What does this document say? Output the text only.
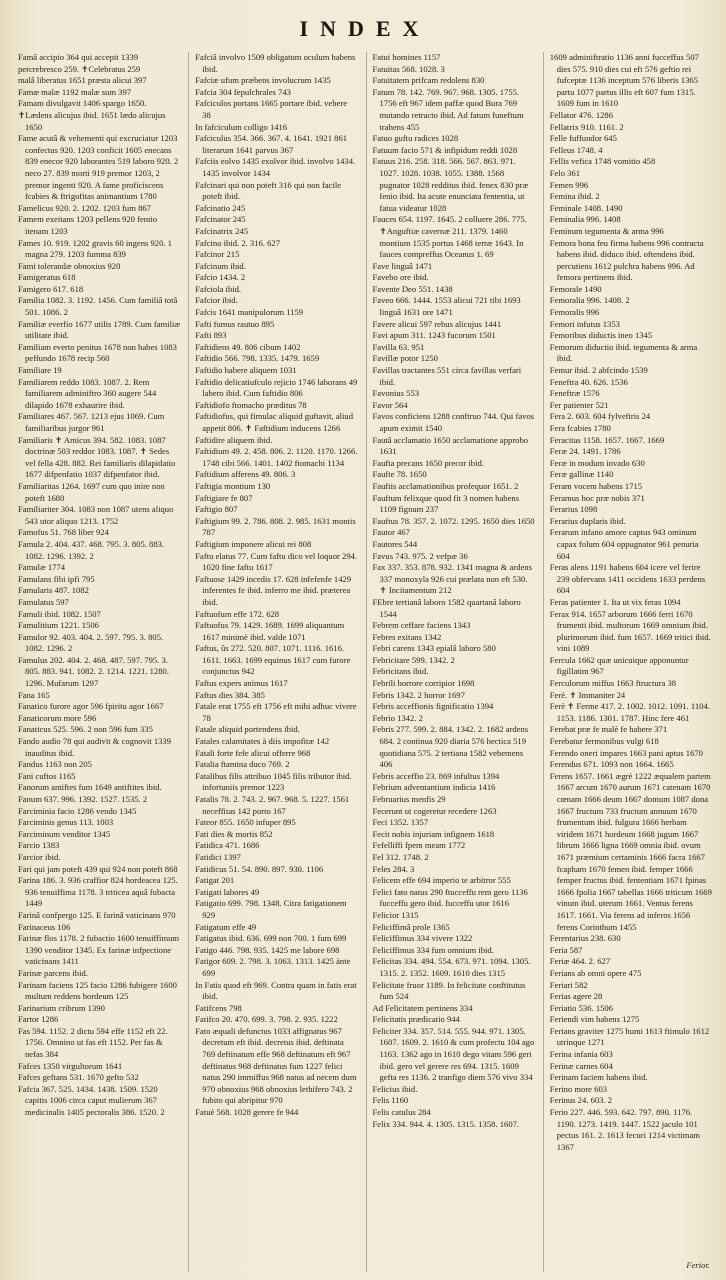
INDEX

Famâ accipio 364 qui accepit 1339

percrebresco 259. ✝Celebratus 259

malâ liberatus 1651 præsta alicui 397

Famæ malæ 1192 malæ sum 397

Famam divulgavit 1406 spargo 1650.

✝Lædens alicujus ibid. 1651 lædo alicujus 1650

Fame acutâ & vehementi qui excruciatur 1203 confectus 920. 1203 conficit 1605 enecans 839 enecor 920 laborantes 519 laboro 920. 2 neco 27. 839 morti 919 premor 1203, 2 premor ingenti 920. A fame proficiscens fcabies & ftrigofitas animantium 1780

Famelicus 920. 2. 1202. 1203 fum 867

Famem exeitans 1203 pellens 920 fentio itenam 1203

Fames 10. 919. 1202 gravis 60 ingens 920. 1 magna 279. 1203 fumma 839

Fami tolerandæ obnoxius 920

Famigeratus 618

Famigero 617. 618

Familia 1082. 3. 1192. 1456. Cum familiâ totâ 501. 1086. 2

Familiæ everfio 1677 utilis 1789. Cum familiæ utilitate ibid.

Familiam everto penitus 1678 non habes 1083 peffundo 1678 recip 560

Familiare 19

Familiarem reddo 1083. 1087. 2. Rem familiarem adminiftro 360 augere 544 dilapido 1678 exhaurire ibid.

Familiares 467. 567. 1213 ejus 1069. Cum familiaribus jurgor 961

Familiaris ✝ Amicus 394. 582. 1083. 1087 doctrinæ 503 reddor 1083. 1087. ✝ Sedes vel fella 428. 882. Rei familiaris dilapidatio 1677 difpenfatio 1037 difpenfator ibid.

Familiaritas 1264. 1697 cum quo inire non poteft 1680

Familiariter 304. 1083 non 1087 utens aliquo 543 utor aliquo 1213. 1752

Famofus 51. 768 liber 924

Famula 2. 404. 437. 468. 795. 3. 805. 883. 1082. 1296. 1392. 2

Famulæ 1774

Famulans fibi ipfi 795

Famularis 487. 1082

Famulatus 597

Famuli ibid. 1082. 1507

Famulitium 1221. 1506

Famulor 92. 403. 404. 2. 597. 795. 3. 805. 1082. 1296. 2

Famulus 202. 404. 2. 468. 487. 597. 795. 3. 805. 883. 941. 1082. 2. 1214. 1221. 1280. 1296. Mufarum 1297

Fana 165

Fanatico furore agor 596 fpiritu agor 1667

Fanaticorum more 596

Fanaticus 525. 596. 2 non 596 fum 335

Fando audio 78 qui audivit & cognovit 1339 inauditus ibid.

Fandus 1163 non 205

Fani cuftos 1165

Fanorum antiftes fum 1649 antiftites ibid.

Fanum 637. 996. 1392. 1527. 1535. 2

Farciminia facio 1286 vendo 1345

Farciminis genus 113. 1003

Farciminum venditor 1345

Farcio 1383

Farcior ibid.

Fari qui jam poteft 439 qui 924 non poteft 868

Farina 186. 3. 936 craffior 824 hordeacea 125. 936 tenuiffima 1178. 3 triticea aquâ fubacta 1449

Farinâ confpergo 125. E farinâ vaticinans 970

Farinaceus 106

Farinæ flos 1178. 2 fubactio 1600 tenuiffimum 1390 venditor 1345. Ex farinæ infpectione vaticinans 1411

Farinæ parcens ibid.

Farinam faciens 125 facio 1286 fubigere 1600 multum reddens hordeum 125

Farinarium cribrum 1390

Fartor 1286

Fas 594. 1152. 2 dictu 594 effe 1152 eft 22. 1756. Omnino ut fas eft 1152. Per fas & nefas 384

Fafces 1350 virgultorum 1641

Fafces geftans 531. 1670 gefto 532

Fafcia 367. 525. 1434. 1438. 1509. 1520 capitis 1006 circa caput mulierum 367 medicinalis 1405 pectoralis 386. 1520. 2

Fafciâ involvo 1509 obligatum oculum habens ibid.

Fafciæ ufum præbens involucrum 1435

Fafcia 304 fepulchrales 743

Fafciculos portans 1665 portare ibid. vehere 38

In fafciculum colligo 1416

Fafciculus 354. 366. 367. 4. 1641. 1921 861 literarum 1641 parvus 367

Fafciis eolvo 1435 exolvor ibid. involvo 1434. 1435 involvor 1434

Fafcinari qui non poteft 316 qui non facile poteft ibid.

Fafcinatio 245

Fafcinator 245

Fafcinatrix 245

Fafcino ibid. 2. 316. 627

Fafcinor 215

Fafcinum ibid.

Fafcio 1434. 2

Fafciola ibid.

Fafcior ibid.

Fafcis 1641 manipulorum 1159

Fafti fumus rautuo 895

Fafti 893

Faftidiens 49. 806 cibum 1402

Faftidio 566. 798. 1335. 1479. 1659

Faftidio habere aliquem 1031

Faftidio delicatiufculo rejicio 1746 laborans 49 labero ibid. Cum faftidio 806

Faftidiofo ftomacho præditus 78

Faftidiofus, qui fimulac aliquid guftavit, aliud appetit 806. ✝ Faftidium inducens 1266

Faftidire aliquem ibid.

Faftidium 49. 2. 458. 806. 2. 1120. 1170. 1266. 1748 cibi 566. 1401. 1402 ftomachi 1134

Faftidium afferens 49. 806. 3

Faftigia montium 130

Faftigiare fe 807

Faftigio 807

Faftigium 99. 2. 786. 808. 2. 985. 1631 montis 787

Faftigium imponere alicui rei 808

Faftu elatus 77. Cum faftu dico vel loquor 294. 1020 fine faftu 1617

Faftuose 1429 incedis 17. 628 infefenfe 1429 inferentes fe ibid. inferro me ibid. præterea ibid.

Faftuofum effe 172. 628

Faftuofus 79. 1429. 1689. 1699 aliquantum 1617 minimè ibid. valde 1071

Faftus, ûs 272. 520. 807. 1071. 1116. 1616. 1611. 1663. 1699 equinus 1617 cum furore conjunctus 942

Faftus expers animus 1617

Faftus dies 384. 385

Fatale erat 1755 eft 1756 eft mihi adhuc vivere 78

Fatale aliquid portendens ibid.

Fatales calamitates à diis impofitæ 142

Fatali forte fefe alicui offerre 968

Fatalia ftamina duco 769. 2

Fatalibus filis attribuo 1045 filis tributor ibid. infortuniis premor 1223

Fatalis 78. 2. 743. 2. 967. 968. 5. 1227. 1561 neceffitas 142 porto 167

Fateor 855. 1650 infuper 895

Fati dies & mortis 852

Fatidica 471. 1686

Fatidici 1397

Fatidicus 51. 54. 890. 897. 930. 1106

Fatigat 201

Fatigati labores 49

Fatigatio 699. 798. 1348. Citra fatigationem 929

Fatigatum effe 49

Fatigatus ibid. 636. 699 non 700. 1 fum 699

Fatigo 446. 798. 935. 1425 me labore 698

Fatigor 609. 2. 798. 3. 1063. 1313. 1425 ànte 699

In Fatis quod eft 969. Contra quam in fatis erat ibid.

Fatifcens 798

Fatifco 20. 470. 699. 3. 798. 2. 935. 1222

Fato æquali defunctus 1033 affignatus 967 decretum eft ibid. decretus ibid. deftinata 769 deftinatum effe 968 deftinatum eft 967 deftinatus 968 deftinatus fum 1227 felici natus 290 immiffus 968 natus ad necem dum 970 obnoxius 968 obnoxius lethifero 743. 2 fubito qui abripitur 970

Fatuè 568. 1028 gerere fe 944

Fatui homines 1157

Fatuitas 568. 1028. 3

Fatuitatem prifcam redolens 830

Fatum 78. 142. 769. 967. 968. 1305. 1755. 1756 eft 967 idem paffæ quod Bura 769 mutando retracto ibid. Ad fatum funeftum trahens 455

Fatuo guftu radices 1028

Fatuum facio 571 & infipidum reddi 1028

Fatuus 216. 258. 318. 566. 567. 863. 971. 1027. 1028. 1038. 1055. 1388. 1568 pugnator 1028 redditus ibid. fenex 830 præ fenio ibid. Ita acute enunciata fententia, ut fatua videatur 1028

Fauces 654. 1197. 1645. 2 colluere 286. 775. ✝Anguftiæ cavernæ 211. 1379. 1460 montium 1535 portus 1468 terræ 1643. In fauces compreffus Oceanus 1. 69

Fave linguâ 1471

Favebo ore ibid.

Favente Deo 551. 1438

Faveo 666. 1444. 1553 alicui 721 tibi 1693 linguâ 1631 ore 1471

Favere alicui 597 rebus alicujus 1441

Favi apum 311. 1243 fucorum 1501

Favilla 63. 951

Favillæ potor 1250

Favillas tractantes 551 circa favillas verfari ibid.

Favonius 553

Favor 564

Favos conficiens 1288 conftruo 744. Qui favos apum eximit 1540

Fautâ acclamatio 1650 acclamatione approbo 1631

Faufta precans 1650 precor ibid.

Faufte 78. 1650

Fauftis acclamationibus profequor 1651. 2

Fauftum felixque quod fit 3 nomen habens 1109 fignum 237

Fauftus 78. 357. 2. 1072. 1295. 1650 dies 1650

Fautor 467

Fautores 544

Favus 743. 975. 2 vefpæ 36

Fax 337. 353. 878. 932. 1341 magna & ardens 337 monoxyla 926 cui prælata non eft 530. ✝ Incitamentum 212

FEbre tertianâ laboro 1582 quartanâ laboro 1544

Febrem ceffare faciens 1343

Febres exitans 1342

Febri carens 1343 epialâ laboro 580

Febricitare 599. 1342. 2

Febricitans ibid.

Febrili horrore corripior 1698

Febris 1342. 2 horror 1697

Febris acceffionis fignificatio 1394

Febrio 1342. 2

Febris 277. 599. 2. 884. 1342. 2. 1682 ardens 684. 2 continua 920 diaria 576 hectica 519 quotidiana 575. 2 tertiana 1582 vehemens 406

Febris acceffio 23. 869 infultus 1394

Febrium adventantium indicia 1416

Februarius menfis 29

Fecerunt ut cogeretur recedere 1263

Feci 1352. 1357

Fecit nobis injuriam infignem 1618

Fefelliffi fpem meam 1772

Fel 312. 1748. 2

Feles 284. 3

Felicem effe 694 imperio te arbitror 555

Felici fato natus 290 ftucceffu rem gero 1136 fucceffu gero ibid. fucceffu utor 1616

Felicior 1315

Feliciffimâ prole 1365

Feliciffimus 334 vivere 1322

Feliciffimus 334 fum omnium ibid.

Felicitas 334. 494. 554. 673. 971. 1094. 1305. 1315. 2. 1352. 1609. 1610 dies 1315

Felicitate fruor 1189. In felicitate conftitutus fum 524

Ad Felicitatem pertinens 334

Felicitatis prædicatio 944

Feliciter 334. 357. 514. 555. 944. 971. 1305. 1607. 1609. 2. 1610 & cum profectu 104 ago 1163. 1362 ago in 1610 dego vitam 596 geri ibid. gero vel gerere res 694. 1315. 1609 gefta res 1136. 2 tranfigo diem 576 vivo 334

Felicius ibid.

Felis 1160

Felis catulus 284

Felix 334. 944. 4. 1305. 1315. 1358. 1607.

1609 adminiftratio 1136 anni fucceffus 507 dies 575. 910 dies cui eft 576 geftio rei fufceptæ 1136 inceptum 576 liberis 1365 partu 1077 partus illis eft 607 fum 1315. 1609 fum in 1610

Fellator 476. 1286

Fellatrix 910. 1161. 2

Felle fuffundor 645

Felleus 1748. 4

Fellis vefica 1748 vomitio 458

Felo 361

Femen 996

Femina ibid. 2

Feminale 1408. 1490

Feminalia 996. 1408

Feminum tegumenta & arma 996

Femora bona feu firma habens 996 contracta habens ibid. diduco ibid. oftendens ibid. percutiens 1612 pulchra habens 996. Ad femora pertinens ibid.

Femorale 1490

Femoralia 996. 1408. 2

Femoralis 996

Femori infutus 1353

Femoribus diductis ineo 1345

Femorum diductio ibid. tegumenta & arma ibid.

Femur ibid. 2 abfcindo 1539

Feneftra 40. 626. 1536

Feneftræ 1576

Fer patienter 521

Fera 2. 603. 604 fylveftris 24

Fera fcabies 1780

Feracitas 1158. 1657. 1667. 1669

Feræ 24. 1491. 1786

Feræ in modum invado 630

Feræ gallinæ 1140

Feram vocem habens 1715

Feramus hoc præ nobis 371

Ferarius 1098

Ferarius duplaris ibid.

Ferarum infano amore captus 943 ominum capax folum 604 oppugnator 961 penuria 604

Feras alens 1191 habens 604 icere vel ferire 239 obfervans 1411 occidens 1633 perdens 604

Feras patienter 1. Ita ut vix feras 1094

Ferax 914. 1657 arborum 1666 ferri 1670 frumenti ibid. multorum 1669 omnium ibid. plurimorum ibid. fum 1657. 1669 tritici ibid. vini 1089

Fercula 1662 quæ unicuique apponuntur figillatim 967

Ferculorum miffus 1663 ftructura 38

Ferè. ✝ Immaniter 24

Ferè ✝ Ferme 417. 2. 1002. 1012. 1091. 1104. 1153. 1186. 1301. 1787. Hinc fere 461

Ferebat præ fe malè fe habere 371

Ferebatur fermonibus vulgi 618

Ferendo oneri impares 1663 pani aptus 1670

Ferendus 671. 1093 non 1664. 1665

Ferens 1657. 1661 ægrè 1222 æqualem partem 1667 arcum 1670 aurum 1671 catenam 1670 cœnam 1666 deum 1667 domum 1087 dona 1667 fructum 733 fructum annuum 1670 frumentum ibid. fulgura 1666 herbam viridem 1671 hordeum 1668 jugum 1667 librum 1666 ligna 1669 omnia ibid. ovum 1671 præmium certaminis 1666 facra 1667 fcapham 1670 femen ibid. femper 1666 femper fructus ibid. fententiam 1671 fpinas 1666 fpolia 1667 tabellas 1666 triticum 1669 vinum ibid. uterum 1661. Ventus ferens 1617. 1661. Via ferens ad inferos 1656 ferens Corinthum 1455

Ferentarius 238. 630

Feria 587

Feriæ 464. 2. 627

Ferians ab omni opere 475

Feriari 582

Ferias agere 28

Feriatio 536. 1506

Feriendi vim habens 1275

Ferians graviter 1275 humi 1613 ftimulo 1612 utrinque 1271

Ferina infania 603

Ferinæ carnes 604

Ferinam faciem habens ibid.

Ferino more 603

Ferinus 24. 603. 2

Ferio 227. 446. 593. 642. 797. 890. 1176. 1190. 1273. 1419. 1447. 1522 jaculo 101 pectus 161. 2. 1613 fecuri 1214 victimam 1367

Ferior.
